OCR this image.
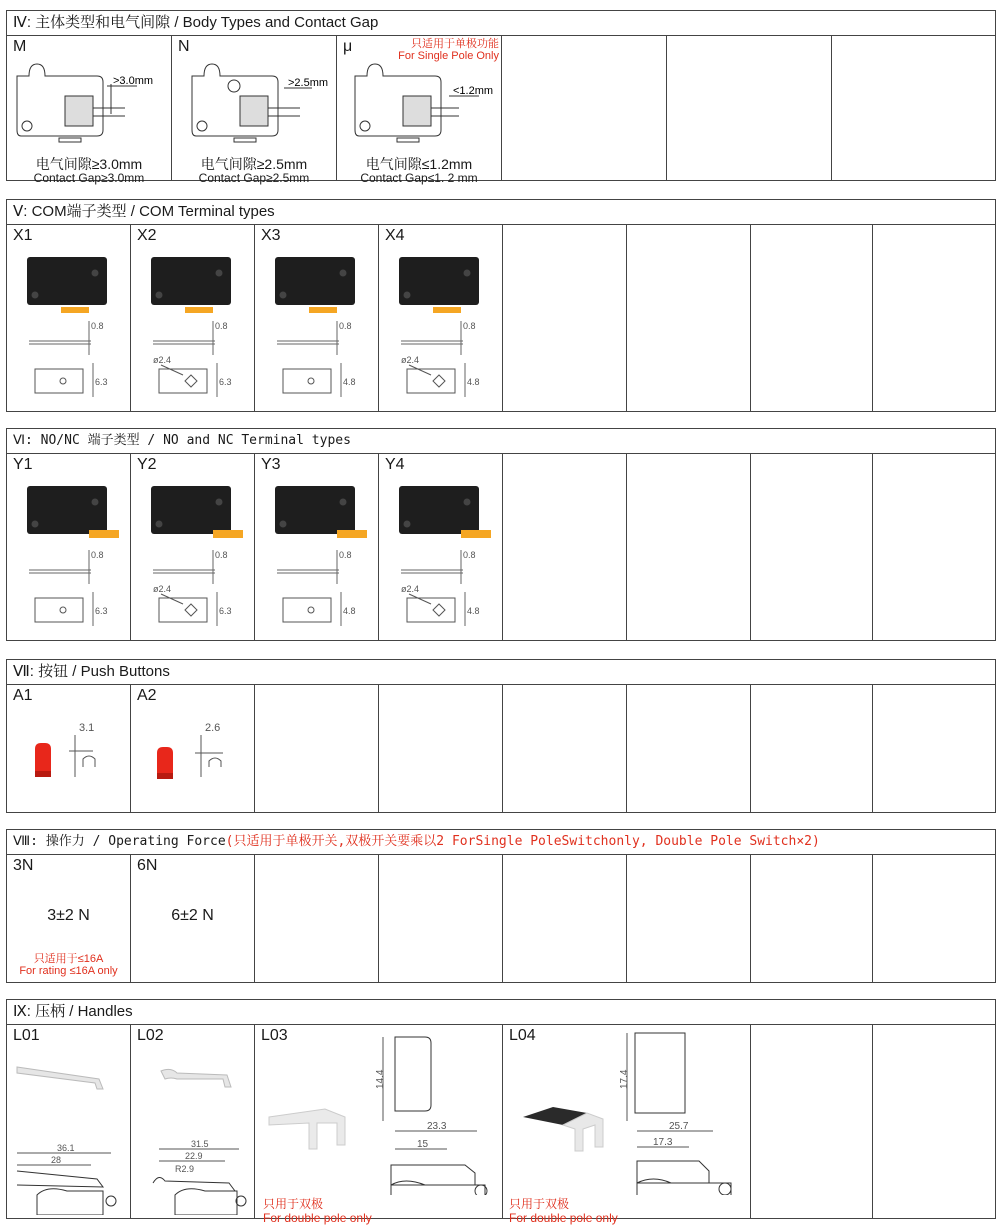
Ⅳ: 主体类型和电气间隙 / Body Types and Contact Gap
M
>3.0mm
电气间隙≥3.0mm
Contact Gap≥3.0mm
N
>2.5mm
电气间隙≥2.5mm
Contact Gap≥2.5mm
μ	只适用于单极功能
For Single Pole Only
<1.2mm
电气间隙≤1.2mm
Contact Gap≤1. 2 mm
Ⅴ: COM端子类型 / COM Terminal types
X1
0.8
6.3
X2
0.8
6.3
ø2.4
X3
0.8
4.8
X4
0.8
4.8
ø2.4
Ⅵ: NO/NC 端子类型 / NO and NC Terminal types
Y1
0.8
6.3
Y2
0.8
6.3
ø2.4
Y3
0.8
4.8
Y4
0.8
4.8
ø2.4
Ⅶ: 按钮 / Push Buttons
A1
3.1
A2
2.6
Ⅷ: 操作力 / Operating Force(只适用于单极开关,双极开关要乘以2 ForSingle PoleSwitchonly, Double Pole Switch×2)
3N
3±2 N
只适用于≤16A
For rating ≤16A only
6N
6±2 N
Ⅸ: 压柄 / Handles
L01
36.1
28
L02
31.5
22.9
R2.9
L03
14.4
23.3
15
只用于双极
For double pole only
L04
17.4
25.7
17.3
只用于双极
For double pole only
